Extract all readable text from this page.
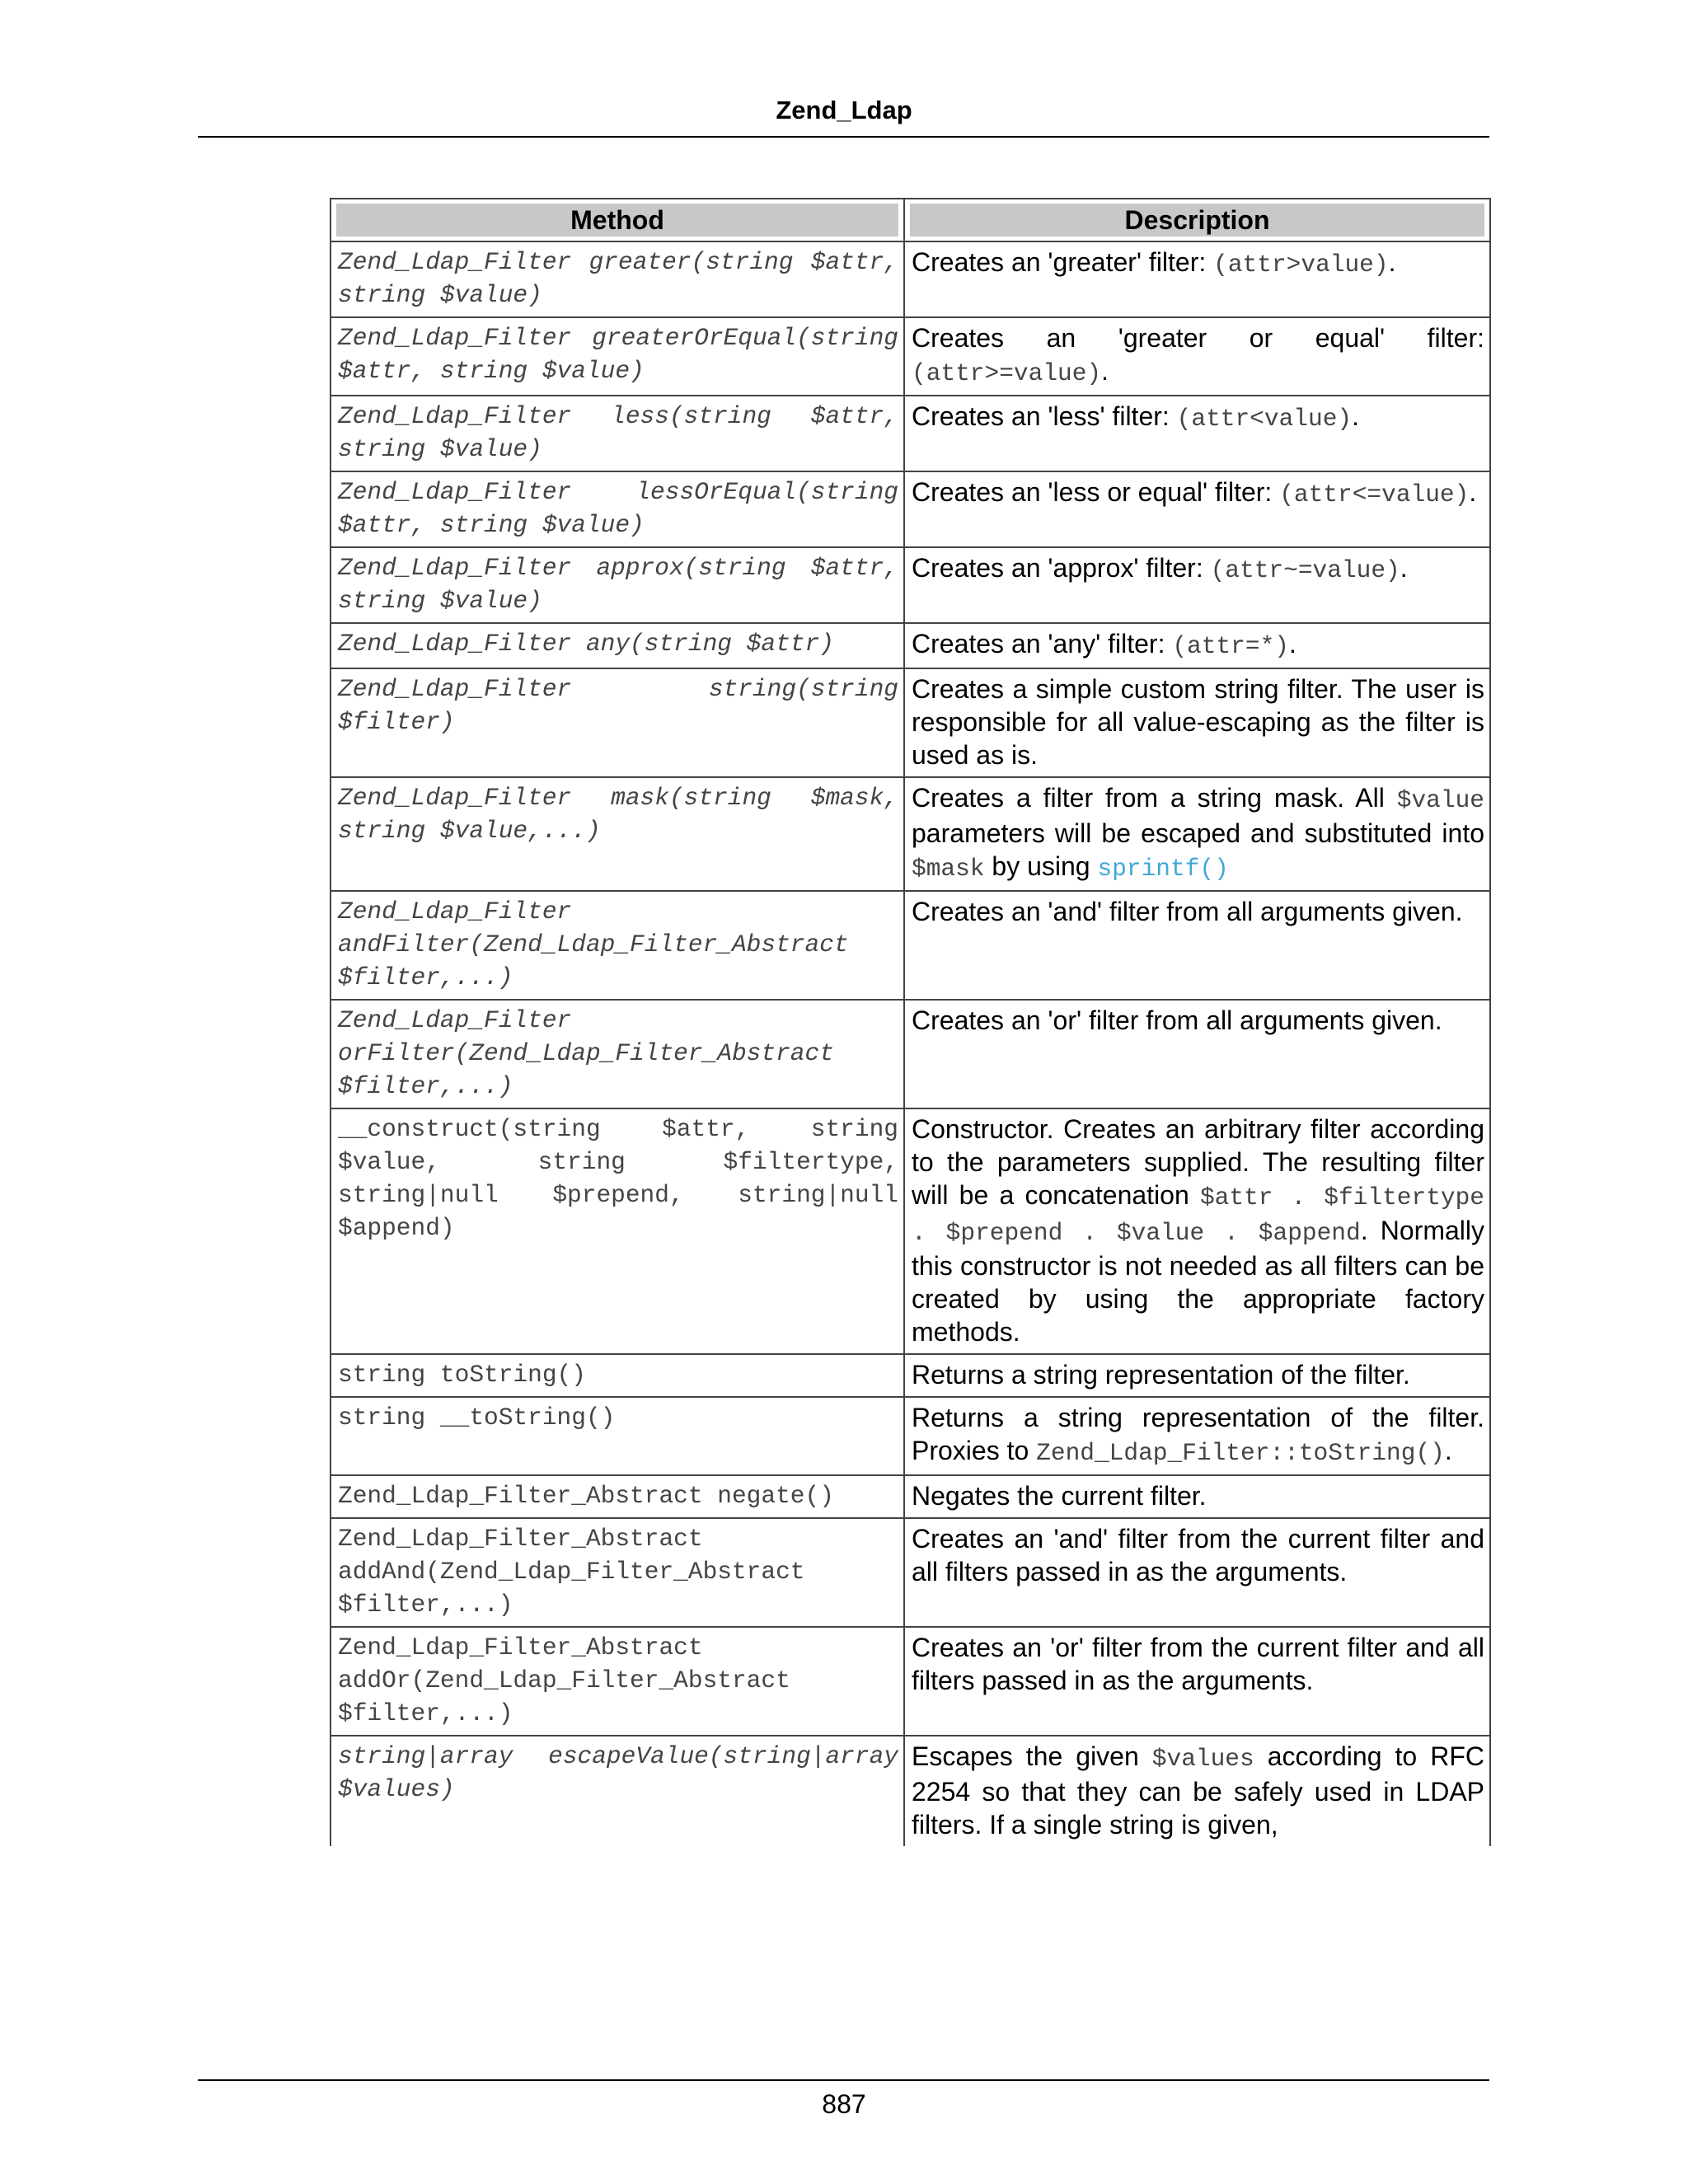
Zend_Ldap
Method	Description

Zend_Ldap_Filter greater(string $attr, string $value)	Creates an 'greater' filter: (attr>value).
Zend_Ldap_Filter greaterOrEqual(string $attr, string $value)	Creates an 'greater or equal' filter: (attr>=value).
Zend_Ldap_Filter less(string $attr, string $value)	Creates an 'less' filter: (attr<value).
Zend_Ldap_Filter lessOrEqual(string $attr, string $value)	Creates an 'less or equal' filter: (attr<=value).
Zend_Ldap_Filter approx(string $attr, string $value)	Creates an 'approx' filter: (attr~=value).
Zend_Ldap_Filter any(string $attr)	Creates an 'any' filter: (attr=*).
Zend_Ldap_Filter string(string $filter)	Creates a simple custom string filter. The user is responsible for all value-escaping as the filter is used as is.
Zend_Ldap_Filter mask(string $mask, string $value,...)	Creates a filter from a string mask. All $value parameters will be escaped and substituted into $mask by using sprintf()
Zend_Ldap_Filter andFilter(Zend_Ldap_Filter_Abstract $filter,...)	Creates an 'and' filter from all arguments given.
Zend_Ldap_Filter orFilter(Zend_Ldap_Filter_Abstract $filter,...)	Creates an 'or' filter from all arguments given.
__construct(string $attr, string $value, string $filtertype, string|null $prepend, string|null $append)	Constructor. Creates an arbitrary filter according to the parameters supplied. The resulting filter will be a concatenation $attr . $filtertype . $prepend . $value . $append. Normally this constructor is not needed as all filters can be created by using the appropriate factory methods.
string toString()	Returns a string representation of the filter.
string __toString()	Returns a string representation of the filter. Proxies to Zend_Ldap_Filter::toString().
Zend_Ldap_Filter_Abstract negate()	Negates the current filter.
Zend_Ldap_Filter_Abstract addAnd(Zend_Ldap_Filter_Abstract $filter,...)	Creates an 'and' filter from the current filter and all filters passed in as the arguments.
Zend_Ldap_Filter_Abstract addOr(Zend_Ldap_Filter_Abstract $filter,...)	Creates an 'or' filter from the current filter and all filters passed in as the arguments.
string|array escapeValue(string|array $values)	Escapes the given $values according to RFC 2254 so that they can be safely used in LDAP filters. If a single string is given,
887
